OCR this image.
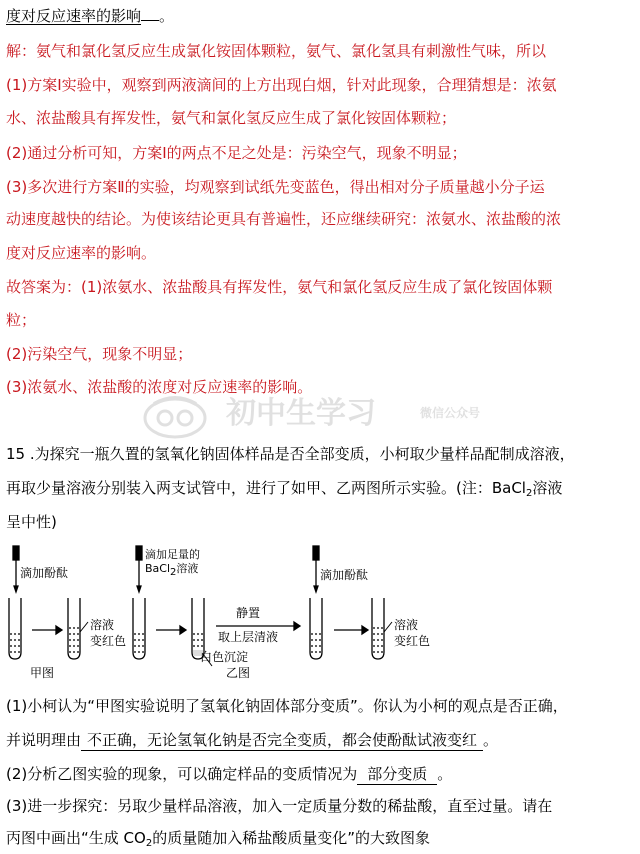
度对反应速率的影响 。
解：氨气和氯化氢反应生成氯化铵固体颗粒，氨气、氯化氢具有刺激性气味，所以
(1)方案Ⅰ实验中，观察到两液滴间的上方出现白烟，针对此现象，合理猜想是：浓氨
水、浓盐酸具有挥发性，氨气和氯化氢反应生成了氯化铵固体颗粒；
(2)通过分析可知，方案Ⅰ的两点不足之处是：污染空气，现象不明显；
(3)多次进行方案Ⅱ的实验，均观察到试纸先变蓝色，得出相对分子质量越小分子运
动速度越快的结论。为使该结论更具有普遍性，还应继续研究：浓氨水、浓盐酸的浓
度对反应速率的影响。
故答案为：(1)浓氨水、浓盐酸具有挥发性，氨气和氯化氢反应生成了氯化铵固体颗
粒；
(2)污染空气，现象不明显；
(3)浓氨水、浓盐酸的浓度对反应速率的影响。
初中生学习	微信公众号
15 .为探究一瓶久置的氢氧化钠固体样品是否全部变质，小柯取少量样品配制成溶液，
再取少量溶液分别装入两支试管中，进行了如甲、乙两图所示实验。(注：BaCl$_2$溶液
呈中性)
滴加酚酞
溶液
变红色
甲图
滴加足量的
BaCl2溶液
静置
取上层清液
白色沉淀
乙图
滴加酚酞
溶液
变红色
(1)小柯认为“甲图实验说明了氢氧化钠固体部分变质”。你认为小柯的观点是否正确，
并说明理由 不正确，无论氢氧化钠是否完全变质，都会使酚酞试液变红 。
(2)分析乙图实验的现象，可以确定样品的变质情况为 部分变质 。
(3)进一步探究：另取少量样品溶液，加入一定质量分数的稀盐酸，直至过量。请在
丙图中画出“生成 $CO_2$的质量随加入稀盐酸质量变化”的大致图象
